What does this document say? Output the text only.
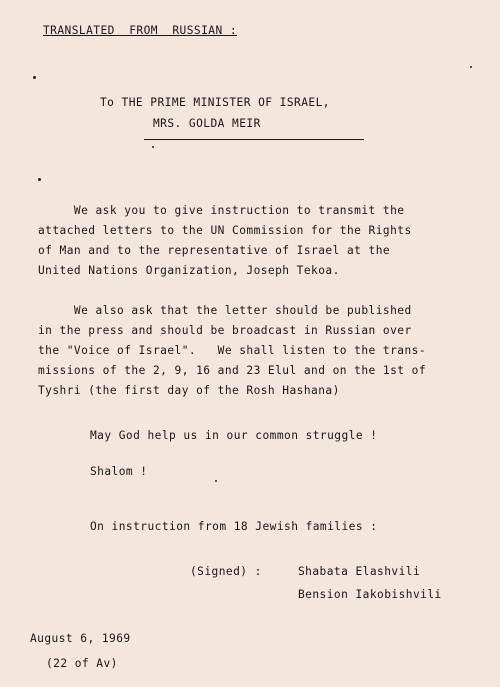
TRANSLATED  FROM  RUSSIAN :
To THE PRIME MINISTER OF ISRAEL,
MRS. GOLDA MEIR
We ask you to give instruction to transmit the
attached letters to the UN Commission for the Rights
of Man and to the representative of Israel at the
United Nations Organization, Joseph Tekoa.
We also ask that the letter should be published
in the press and should be broadcast in Russian over
the "Voice of Israel".   We shall listen to the trans-
missions of the 2, 9, 16 and 23 Elul and on the 1st of
Tyshri (the first day of the Rosh Hashana)
May God help us in our common struggle !
Shalom !
On instruction from 18 Jewish families :
(Signed) :	Shabata Elashvili
Bension Iakobishvili
August 6, 1969
(22 of Av)
